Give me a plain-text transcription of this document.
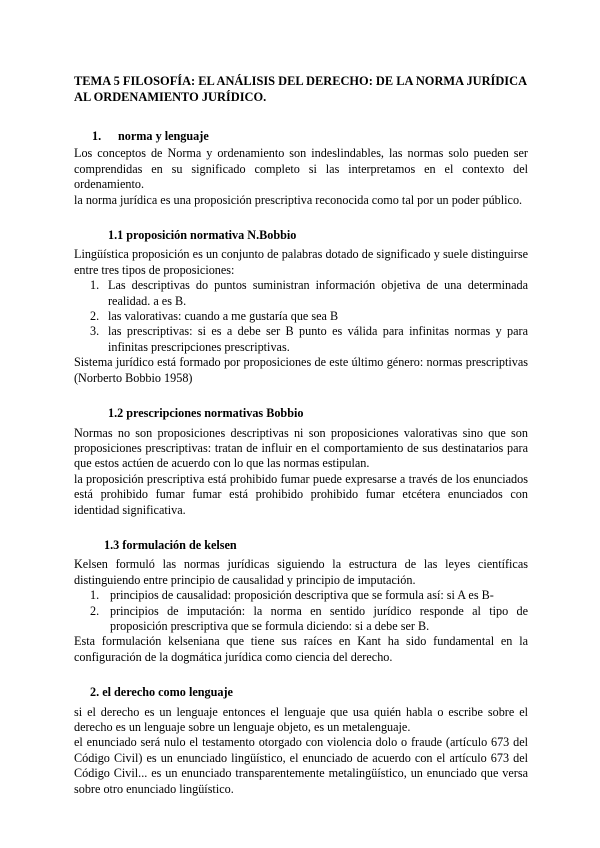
TEMA 5 FILOSOFÍA: EL ANÁLISIS DEL DERECHO: DE LA NORMA JURÍDICA AL ORDENAMIENTO JURÍDICO.
1. norma y lenguaje

Los conceptos de Norma y ordenamiento son indeslindables, las normas solo pueden ser comprendidas en su significado completo si las interpretamos en el contexto del ordenamiento.

la norma jurídica es una proposición prescriptiva reconocida como tal por un poder público.

1.1 proposición normativa N.Bobbio

Lingüística proposición es un conjunto de palabras dotado de significado y suele distinguirse entre tres tipos de proposiciones:

1. Las descriptivas do puntos suministran información objetiva de una determinada realidad. a es B.
2. las valorativas: cuando a me gustaría que sea B
3. las prescriptivas: si es a debe ser B punto es válida para infinitas normas y para infinitas prescripciones prescriptivas.

Sistema jurídico está formado por proposiciones de este último género: normas prescriptivas (Norberto Bobbio 1958)

1.2 prescripciones normativas Bobbio

Normas no son proposiciones descriptivas ni son proposiciones valorativas sino que son proposiciones prescriptivas: tratan de influir en el comportamiento de sus destinatarios para que estos actúen de acuerdo con lo que las normas estipulan.

la proposición prescriptiva está prohibido fumar puede expresarse a través de los enunciados está prohibido fumar fumar está prohibido prohibido fumar etcétera enunciados con identidad significativa.

1.3 formulación de kelsen

Kelsen formuló las normas jurídicas siguiendo la estructura de las leyes científicas distinguiendo entre principio de causalidad y principio de imputación.

1. principios de causalidad: proposición descriptiva que se formula así: si A es B-
2. principios de imputación: la norma en sentido jurídico responde al tipo de proposición prescriptiva que se formula diciendo: si a debe ser B.

Esta formulación kelseniana que tiene sus raíces en Kant ha sido fundamental en la configuración de la dogmática jurídica como ciencia del derecho.

2. el derecho como lenguaje

si el derecho es un lenguaje entonces el lenguaje que usa quién habla o escribe sobre el derecho es un lenguaje sobre un lenguaje objeto, es un metalenguaje.

el enunciado será nulo el testamento otorgado con violencia dolo o fraude (artículo 673 del Código Civil) es un enunciado lingüístico, el enunciado de acuerdo con el artículo 673 del Código Civil... es un enunciado transparentemente metalingüístico, un enunciado que versa sobre otro enunciado lingüístico.
